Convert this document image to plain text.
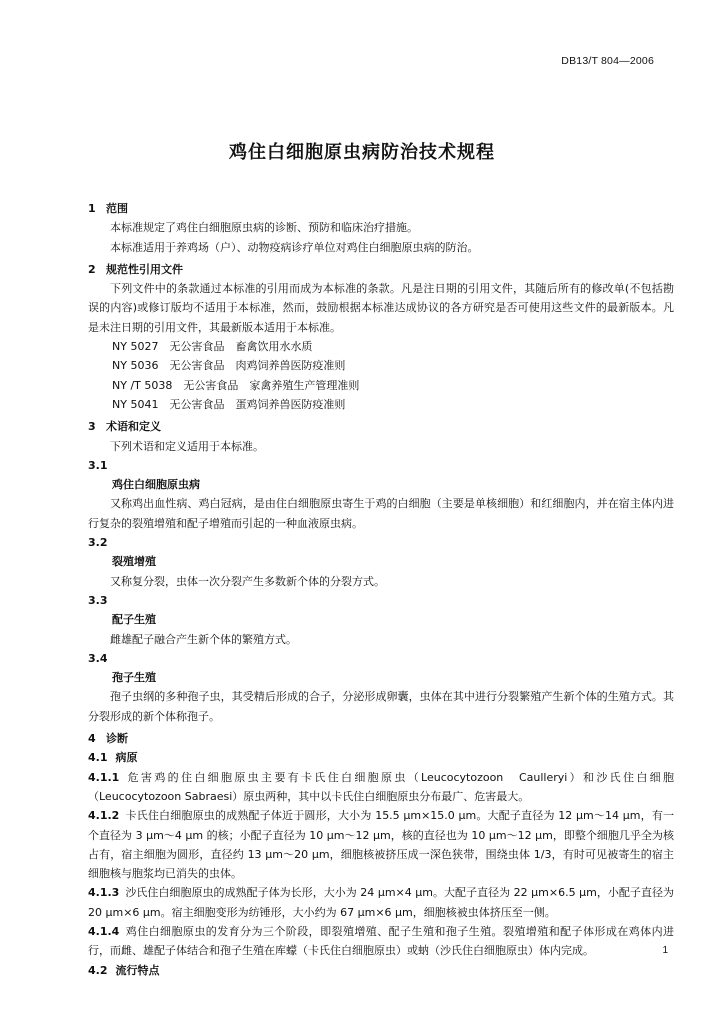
DB13/T 804—2006
鸡住白细胞原虫病防治技术规程
1 范围
本标准规定了鸡住白细胞原虫病的诊断、预防和临床治疗措施。
本标准适用于养鸡场（户）、动物疫病诊疗单位对鸡住白细胞原虫病的防治。
2 规范性引用文件
下列文件中的条款通过本标准的引用而成为本标准的条款。凡是注日期的引用文件，其随后所有的修改单(不包括勘误的内容)或修订版均不适用于本标准，然而，鼓励根据本标准达成协议的各方研究是否可使用这些文件的最新版本。凡是未注日期的引用文件，其最新版本适用于本标准。
NY 5027　无公害食品　畜禽饮用水水质
NY 5036　无公害食品　肉鸡饲养兽医防疫准则
NY /T 5038　无公害食品　家禽养殖生产管理准则
NY 5041　无公害食品　蛋鸡饲养兽医防疫准则
3 术语和定义
下列术语和定义适用于本标准。
3.1
鸡住白细胞原虫病
又称鸡出血性病、鸡白冠病，是由住白细胞原虫寄生于鸡的白细胞（主要是单核细胞）和红细胞内，并在宿主体内进行复杂的裂殖增殖和配子增殖而引起的一种血液原虫病。
3.2
裂殖增殖
又称复分裂，虫体一次分裂产生多数新个体的分裂方式。
3.3
配子生殖
雌雄配子融合产生新个体的繁殖方式。
3.4
孢子生殖
孢子虫纲的多种孢子虫，其受精后形成的合子，分泌形成卵囊，虫体在其中进行分裂繁殖产生新个体的生殖方式。其分裂形成的新个体称孢子。
4 诊断
4.1 病原
4.1.1 危害鸡的住白细胞原虫主要有卡氏住白细胞原虫（Leucocytozoon　Caulleryi）和沙氏住白细胞（Leucocytozoon Sabraesi）原虫两种，其中以卡氏住白细胞原虫分布最广、危害最大。
4.1.2 卡氏住白细胞原虫的成熟配子体近于圆形，大小为 15.5 μm×15.0 μm。大配子直径为 12 μm～14 μm，有一个直径为 3 μm～4 μm 的核；小配子直径为 10 μm～12 μm，核的直径也为 10 μm～12 μm，即整个细胞几乎全为核占有，宿主细胞为圆形，直径约 13 μm～20 μm，细胞核被挤压成一深色狭带，围绕虫体 1/3，有时可见被寄生的宿主细胞核与胞浆均已消失的虫体。
4.1.3 沙氏住白细胞原虫的成熟配子体为长形，大小为 24 μm×4 μm。大配子直径为 22 μm×6.5 μm，小配子直径为 20 μm×6 μm。宿主细胞变形为纺锤形，大小约为 67 μm×6 μm，细胞核被虫体挤压至一侧。
4.1.4 鸡住白细胞原虫的发育分为三个阶段，即裂殖增殖、配子生殖和孢子生殖。裂殖增殖和配子体形成在鸡体内进行，而雌、雄配子体结合和孢子生殖在库蠓（卡氏住白细胞原虫）或蚋（沙氏住白细胞原虫）体内完成。
4.2 流行特点
1
